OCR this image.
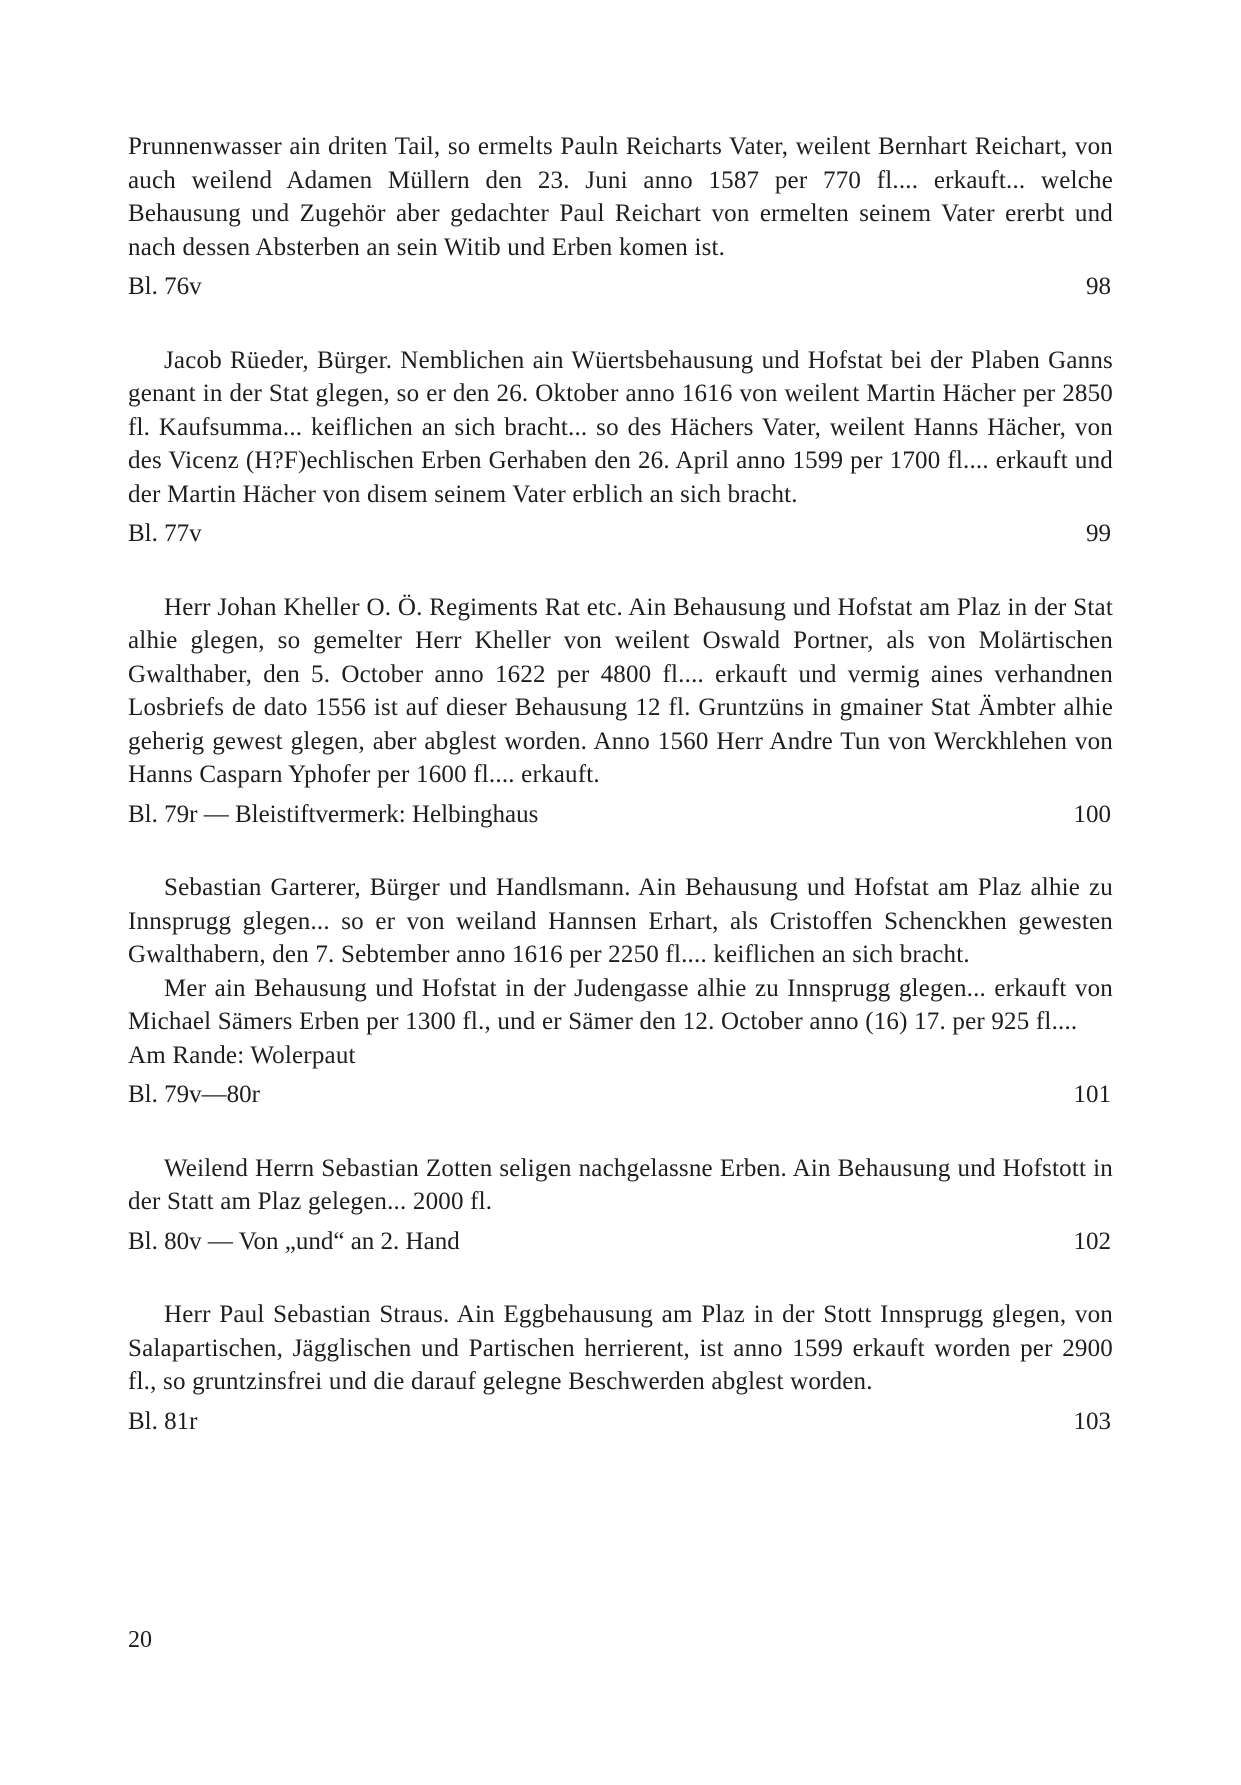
Prunnenwasser ain driten Tail, so ermelts Pauln Reicharts Vater, weilent Bernhart Reichart, von auch weilend Adamen Müllern den 23. Juni anno 1587 per 770 fl.... erkauft... welche Behausung und Zugehör aber gedachter Paul Reichart von ermelten seinem Vater ererbt und nach dessen Absterben an sein Witib und Erben komen ist.

Bl. 76v	98

Jacob Rüeder, Bürger. Nemblichen ain Wüertsbehausung und Hofstat bei der Plaben Ganns genant in der Stat glegen, so er den 26. Oktober anno 1616 von weilent Martin Hächer per 2850 fl. Kaufsumma... keiflichen an sich bracht... so des Hächers Vater, weilent Hanns Hächer, von des Vicenz (H?F)echlischen Erben Gerhaben den 26. April anno 1599 per 1700 fl.... erkauft und der Martin Hächer von disem seinem Vater erblich an sich bracht.

Bl. 77v	99

Herr Johan Kheller O. Ö. Regiments Rat etc. Ain Behausung und Hofstat am Plaz in der Stat alhie glegen, so gemelter Herr Kheller von weilent Oswald Portner, als von Molärtischen Gwalthaber, den 5. October anno 1622 per 4800 fl.... erkauft und vermig aines verhandnen Losbriefs de dato 1556 ist auf dieser Behausung 12 fl. Gruntzüns in gmainer Stat Ämbter alhie geherig gewest glegen, aber abglest worden. Anno 1560 Herr Andre Tun von Werckhlehen von Hanns Casparn Yphofer per 1600 fl.... erkauft.

Bl. 79r — Bleistiftvermerk: Helbinghaus	100

Sebastian Garterer, Bürger und Handlsmann. Ain Behausung und Hofstat am Plaz alhie zu Innsprugg glegen... so er von weiland Hannsen Erhart, als Cristoffen Schenckhen gewesten Gwalthabern, den 7. Sebtember anno 1616 per 2250 fl.... keiflichen an sich bracht.

Mer ain Behausung und Hofstat in der Judengasse alhie zu Innsprugg glegen... erkauft von Michael Sämers Erben per 1300 fl., und er Sämer den 12. October anno (16) 17. per 925 fl....

Am Rande: Wolerpaut

Bl. 79v—80r	101

Weilend Herrn Sebastian Zotten seligen nachgelassne Erben. Ain Behausung und Hofstott in der Statt am Plaz gelegen... 2000 fl.

Bl. 80v — Von „und“ an 2. Hand	102

Herr Paul Sebastian Straus. Ain Eggbehausung am Plaz in der Stott Innsprugg glegen, von Salapartischen, Jägglischen und Partischen herrierent, ist anno 1599 erkauft worden per 2900 fl., so gruntzinsfrei und die darauf gelegne Beschwerden abglest worden.

Bl. 81r	103
20
